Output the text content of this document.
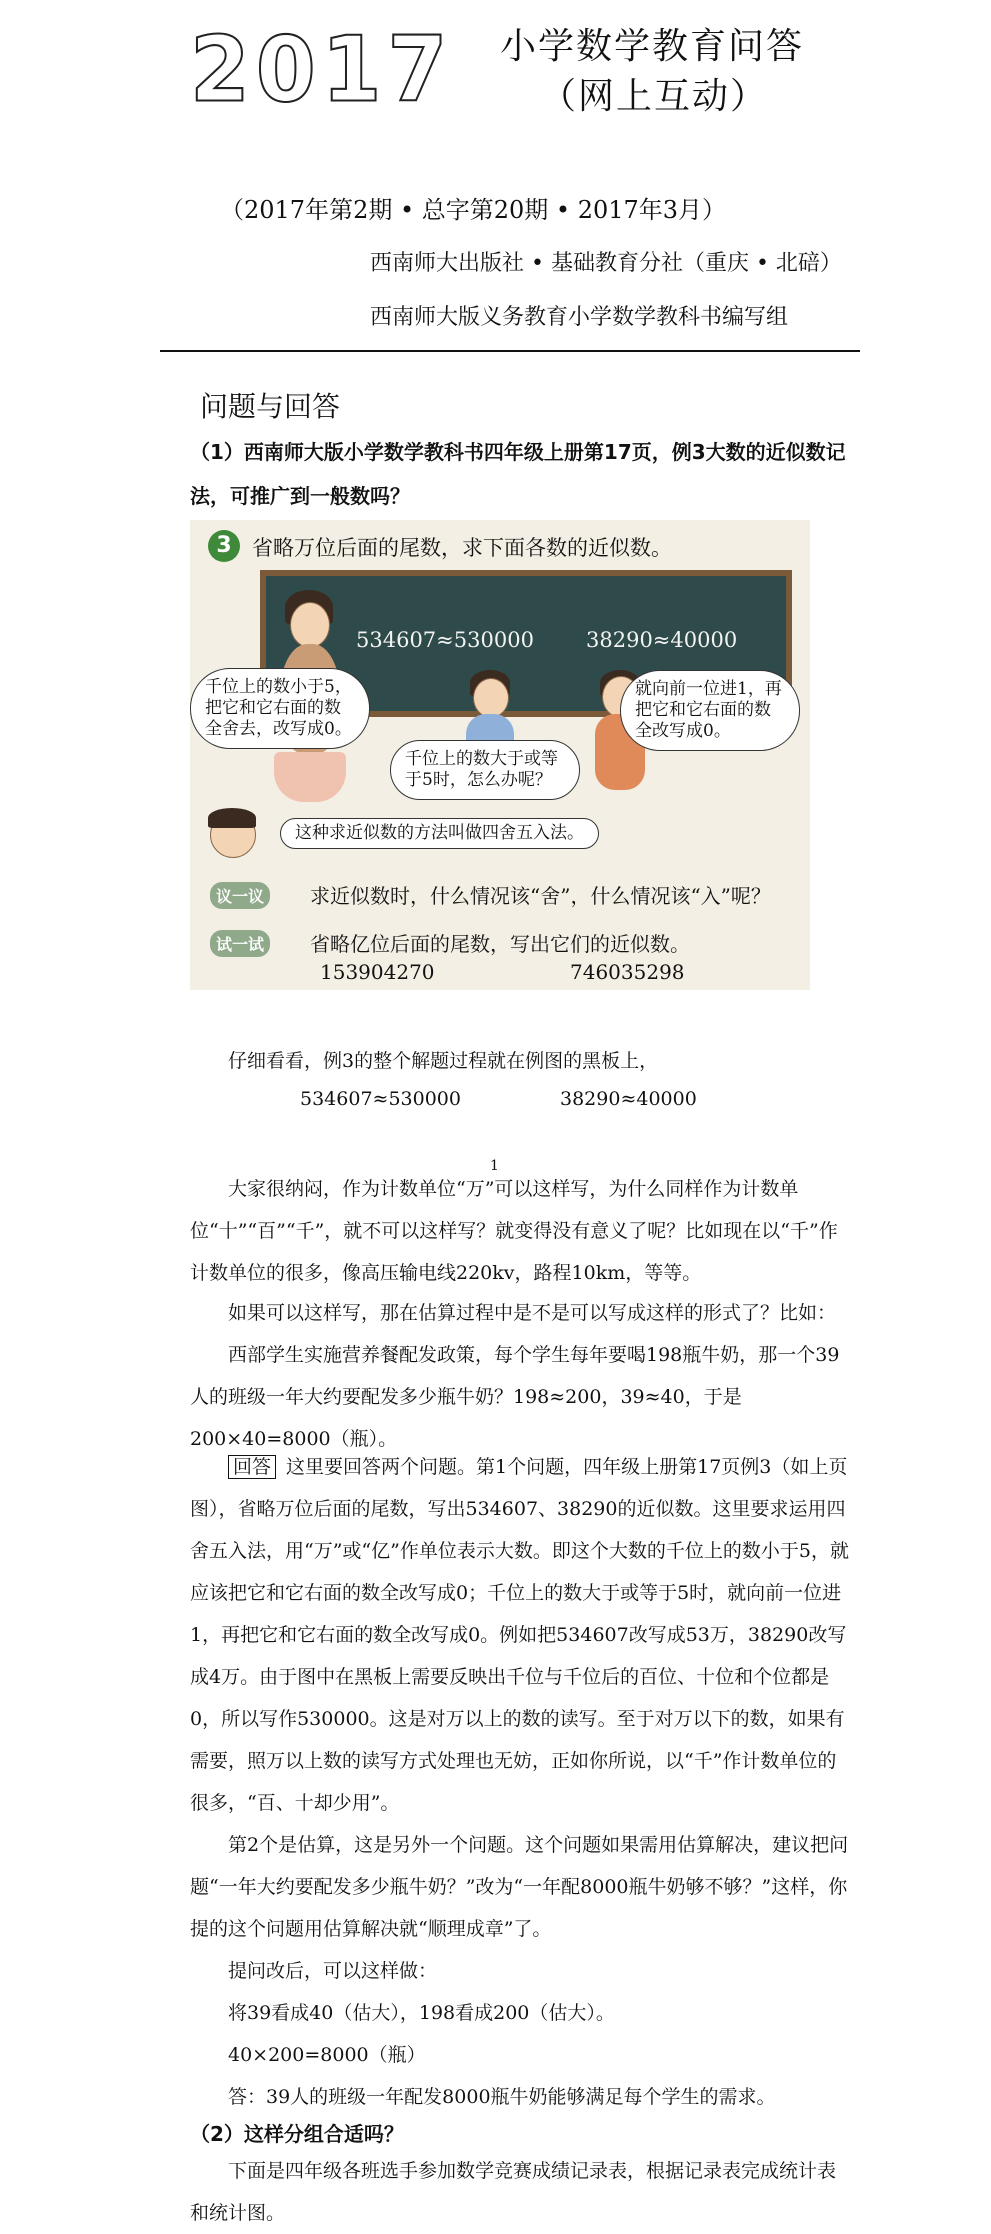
2017 小学数学教育问答
（网上互动）
（2017年第2期 • 总字第20期 • 2017年3月）
西南师大出版社 • 基础教育分社（重庆 • 北碚）
西南师大版义务教育小学数学教科书编写组
问题与回答
（1）西南师大版小学数学教科书四年级上册第17页，例3大数的近似数记法，可推广到一般数吗？
3 省略万位后面的尾数，求下面各数的近似数。
534607≈530000 38290≈40000
千位上的数小于5，把它和它右面的数全舍去，改写成0。
千位上的数大于或等于5时，怎么办呢？
就向前一位进1，再把它和它右面的数全改写成0。
这种求近似数的方法叫做四舍五入法。
议一议	求近似数时，什么情况该“舍”，什么情况该“入”呢？
试一试	省略亿位后面的尾数，写出它们的近似数。
153904270	746035298

仔细看看，例3的整个解题过程就在例图的黑板上，

534607≈530000	38290≈40000
1

大家很纳闷，作为计数单位“万”可以这样写，为什么同样作为计数单位“十”“百”“千”，就不可以这样写？就变得没有意义了呢？比如现在以“千”作计数单位的很多，像高压输电线220kv，路程10km，等等。

如果可以这样写，那在估算过程中是不是可以写成这样的形式了？比如：

西部学生实施营养餐配发政策，每个学生每年要喝198瓶牛奶，那一个39人的班级一年大约要配发多少瓶牛奶？198≈200，39≈40，于是200×40=8000（瓶）。

回答 这里要回答两个问题。第1个问题，四年级上册第17页例3（如上页图），省略万位后面的尾数，写出534607、38290的近似数。这里要求运用四舍五入法，用“万”或“亿”作单位表示大数。即这个大数的千位上的数小于5，就应该把它和它右面的数全改写成0；千位上的数大于或等于5时，就向前一位进1，再把它和它右面的数全改写成0。例如把534607改写成53万，38290改写成4万。由于图中在黑板上需要反映出千位与千位后的百位、十位和个位都是0，所以写作530000。这是对万以上的数的读写。至于对万以下的数，如果有需要，照万以上数的读写方式处理也无妨，正如你所说，以“千”作计数单位的很多，“百、十却少用”。

第2个是估算，这是另外一个问题。这个问题如果需用估算解决，建议把问题“一年大约要配发多少瓶牛奶？”改为“一年配8000瓶牛奶够不够？”这样，你提的这个问题用估算解决就“顺理成章”了。

提问改后，可以这样做：

将39看成40（估大），198看成200（估大）。

40×200=8000（瓶）

答：39人的班级一年配发8000瓶牛奶能够满足每个学生的需求。

（2）这样分组合适吗？

下面是四年级各班选手参加数学竞赛成绩记录表，根据记录表完成统计表和统计图。
